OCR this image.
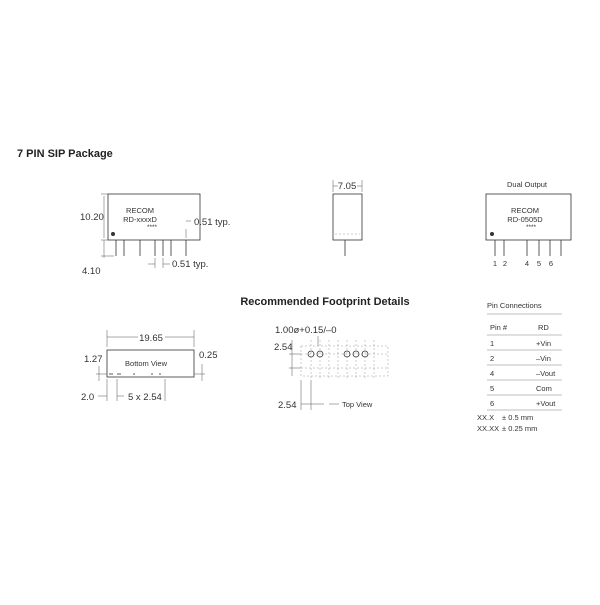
7 PIN SIP Package
RECOM
RD-xxxxD
****
10.20
4.10
0.51 typ.
0.51 typ.
7.05	Dual Output
RECOM
RD-0505D
****
1 2 4 5 6
Bottom View
19.65
1.27	0.25
2.0	5 x 2.54
Recommended Footprint Details
1.00ø+0.15/–0
2.54
2.54	Top View
Pin Connections
Pin #	RD
1	+Vin
2	–Vin
4	–Vout
5	Com
6	+Vout
XX.X ± 0.5 mm
XX.XX ± 0.25 mm
